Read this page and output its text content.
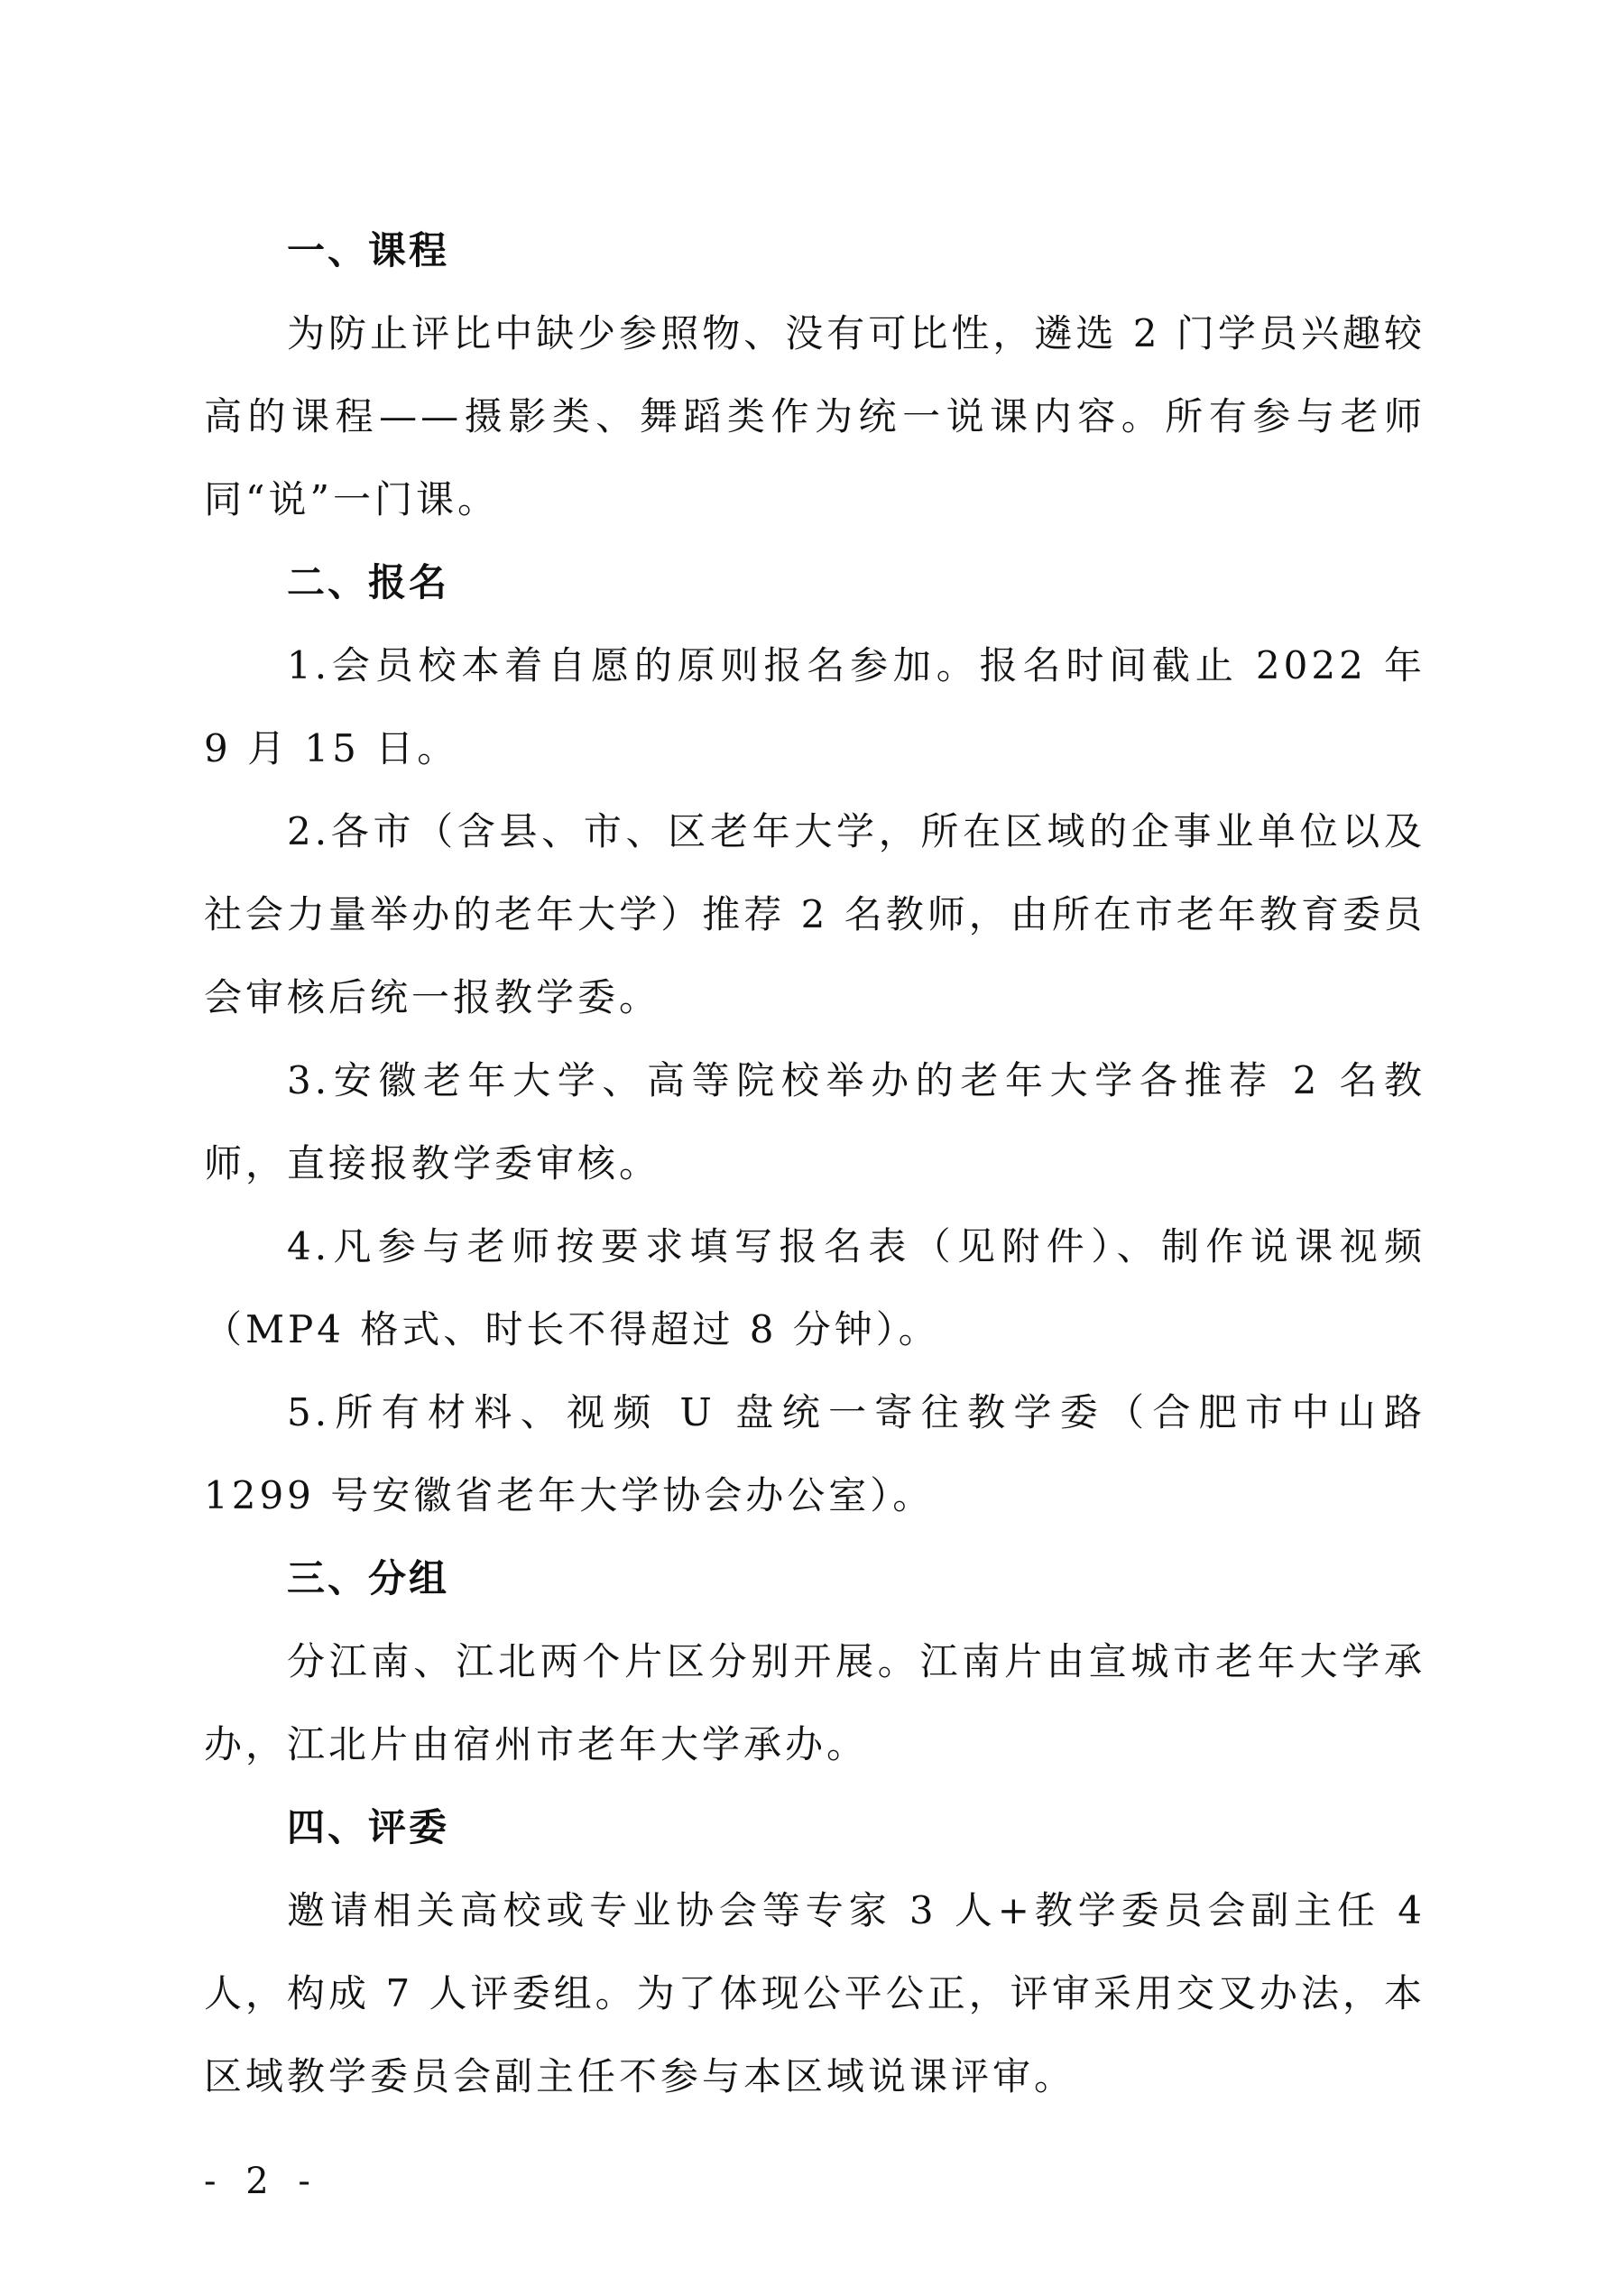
一、课程

为防止评比中缺少参照物、没有可比性，遴选 2 门学员兴趣较高的课程——摄影类、舞蹈类作为统一说课内容。所有参与老师同“说”一门课。

二、报名

1.会员校本着自愿的原则报名参加。报名时间截止 2022 年 9 月 15 日。

2.各市（含县、市、区老年大学，所在区域的企事业单位以及社会力量举办的老年大学）推荐 2 名教师，由所在市老年教育委员会审核后统一报教学委。

3.安徽老年大学、高等院校举办的老年大学各推荐 2 名教师，直接报教学委审核。

4.凡参与老师按要求填写报名表（见附件）、制作说课视频（MP4 格式、时长不得超过 8 分钟）。

5.所有材料、视频 U 盘统一寄往教学委（合肥市中山路 1299 号安徽省老年大学协会办公室）。

三、分组

分江南、江北两个片区分别开展。江南片由宣城市老年大学承办，江北片由宿州市老年大学承办。

四、评委

邀请相关高校或专业协会等专家 3 人+教学委员会副主任 4 人，构成 7 人评委组。为了体现公平公正，评审采用交叉办法，本区域教学委员会副主任不参与本区域说课评审。

- 2 -
